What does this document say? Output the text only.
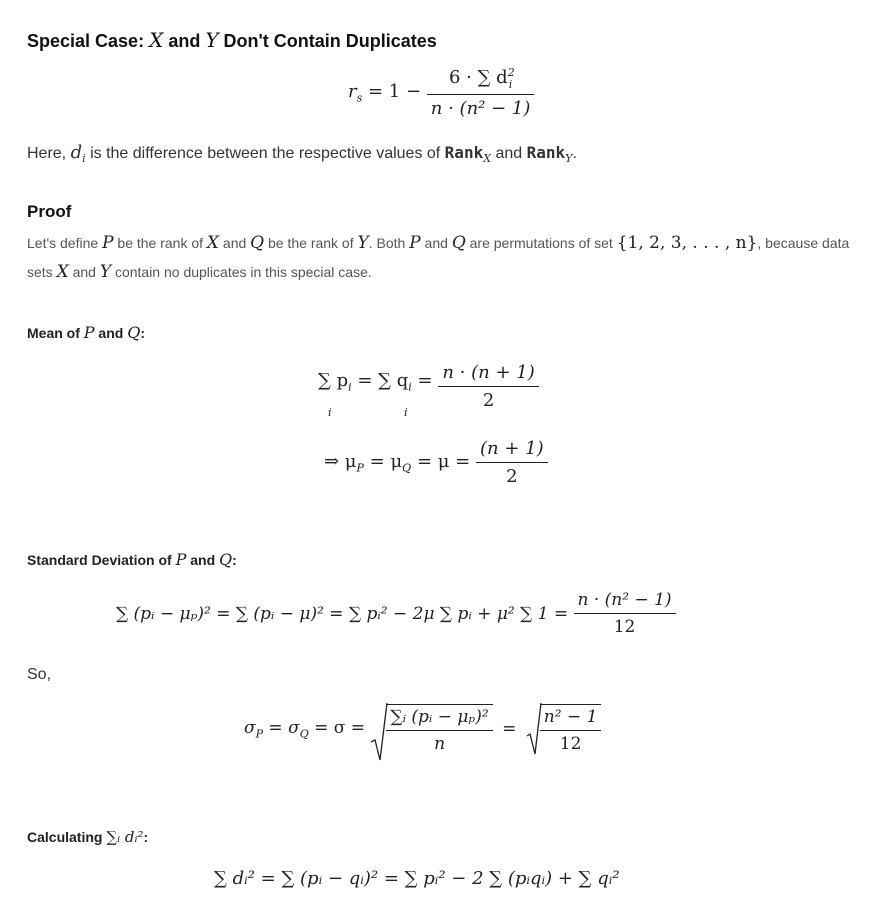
Special Case: X and Y Don't Contain Duplicates
$r_s = 1 - \frac{6 \cdot \sum d^2_i}{\text{n · (n² − 1)}}$
Here, $d_i$ is the difference between the respective values of Rank$_X$ and Rank$_Y$.
Proof
Let's define P be the rank of X and Q be the rank of Y. Both P and Q are permutations of set {1, 2, 3, . . . , n}, because data
sets X and Y contain no duplicates in this special case.
Mean of P and Q:
∑ $p_i$ = ∑ $q_i$ =
i	i

$\frac{n \cdot (n + 1)}{2}$
⇒ $\mu_P = \mu_Q = \mu = \frac{(n + 1)}{2}$
Standard Deviation of P and Q:
∑ (pᵢ − μₚ)² = ∑ (pᵢ − μ)² = ∑ pᵢ² − 2μ ∑ pᵢ + μ² ∑ $1 = \frac{\text{n · (n² − 1)}}{12}$
So,
$\sigma_P = \sigma_Q = \sigma = \frac{\text{∑ᵢ (pᵢ − μₚ)²}}{n} = \frac{\text{n² − 1}}{12}$
Calculating ∑ᵢ dᵢ²:
∑ dᵢ² = ∑ (pᵢ − qᵢ)² = ∑ pᵢ² − 2 ∑ (pᵢqᵢ) + ∑ qᵢ²
